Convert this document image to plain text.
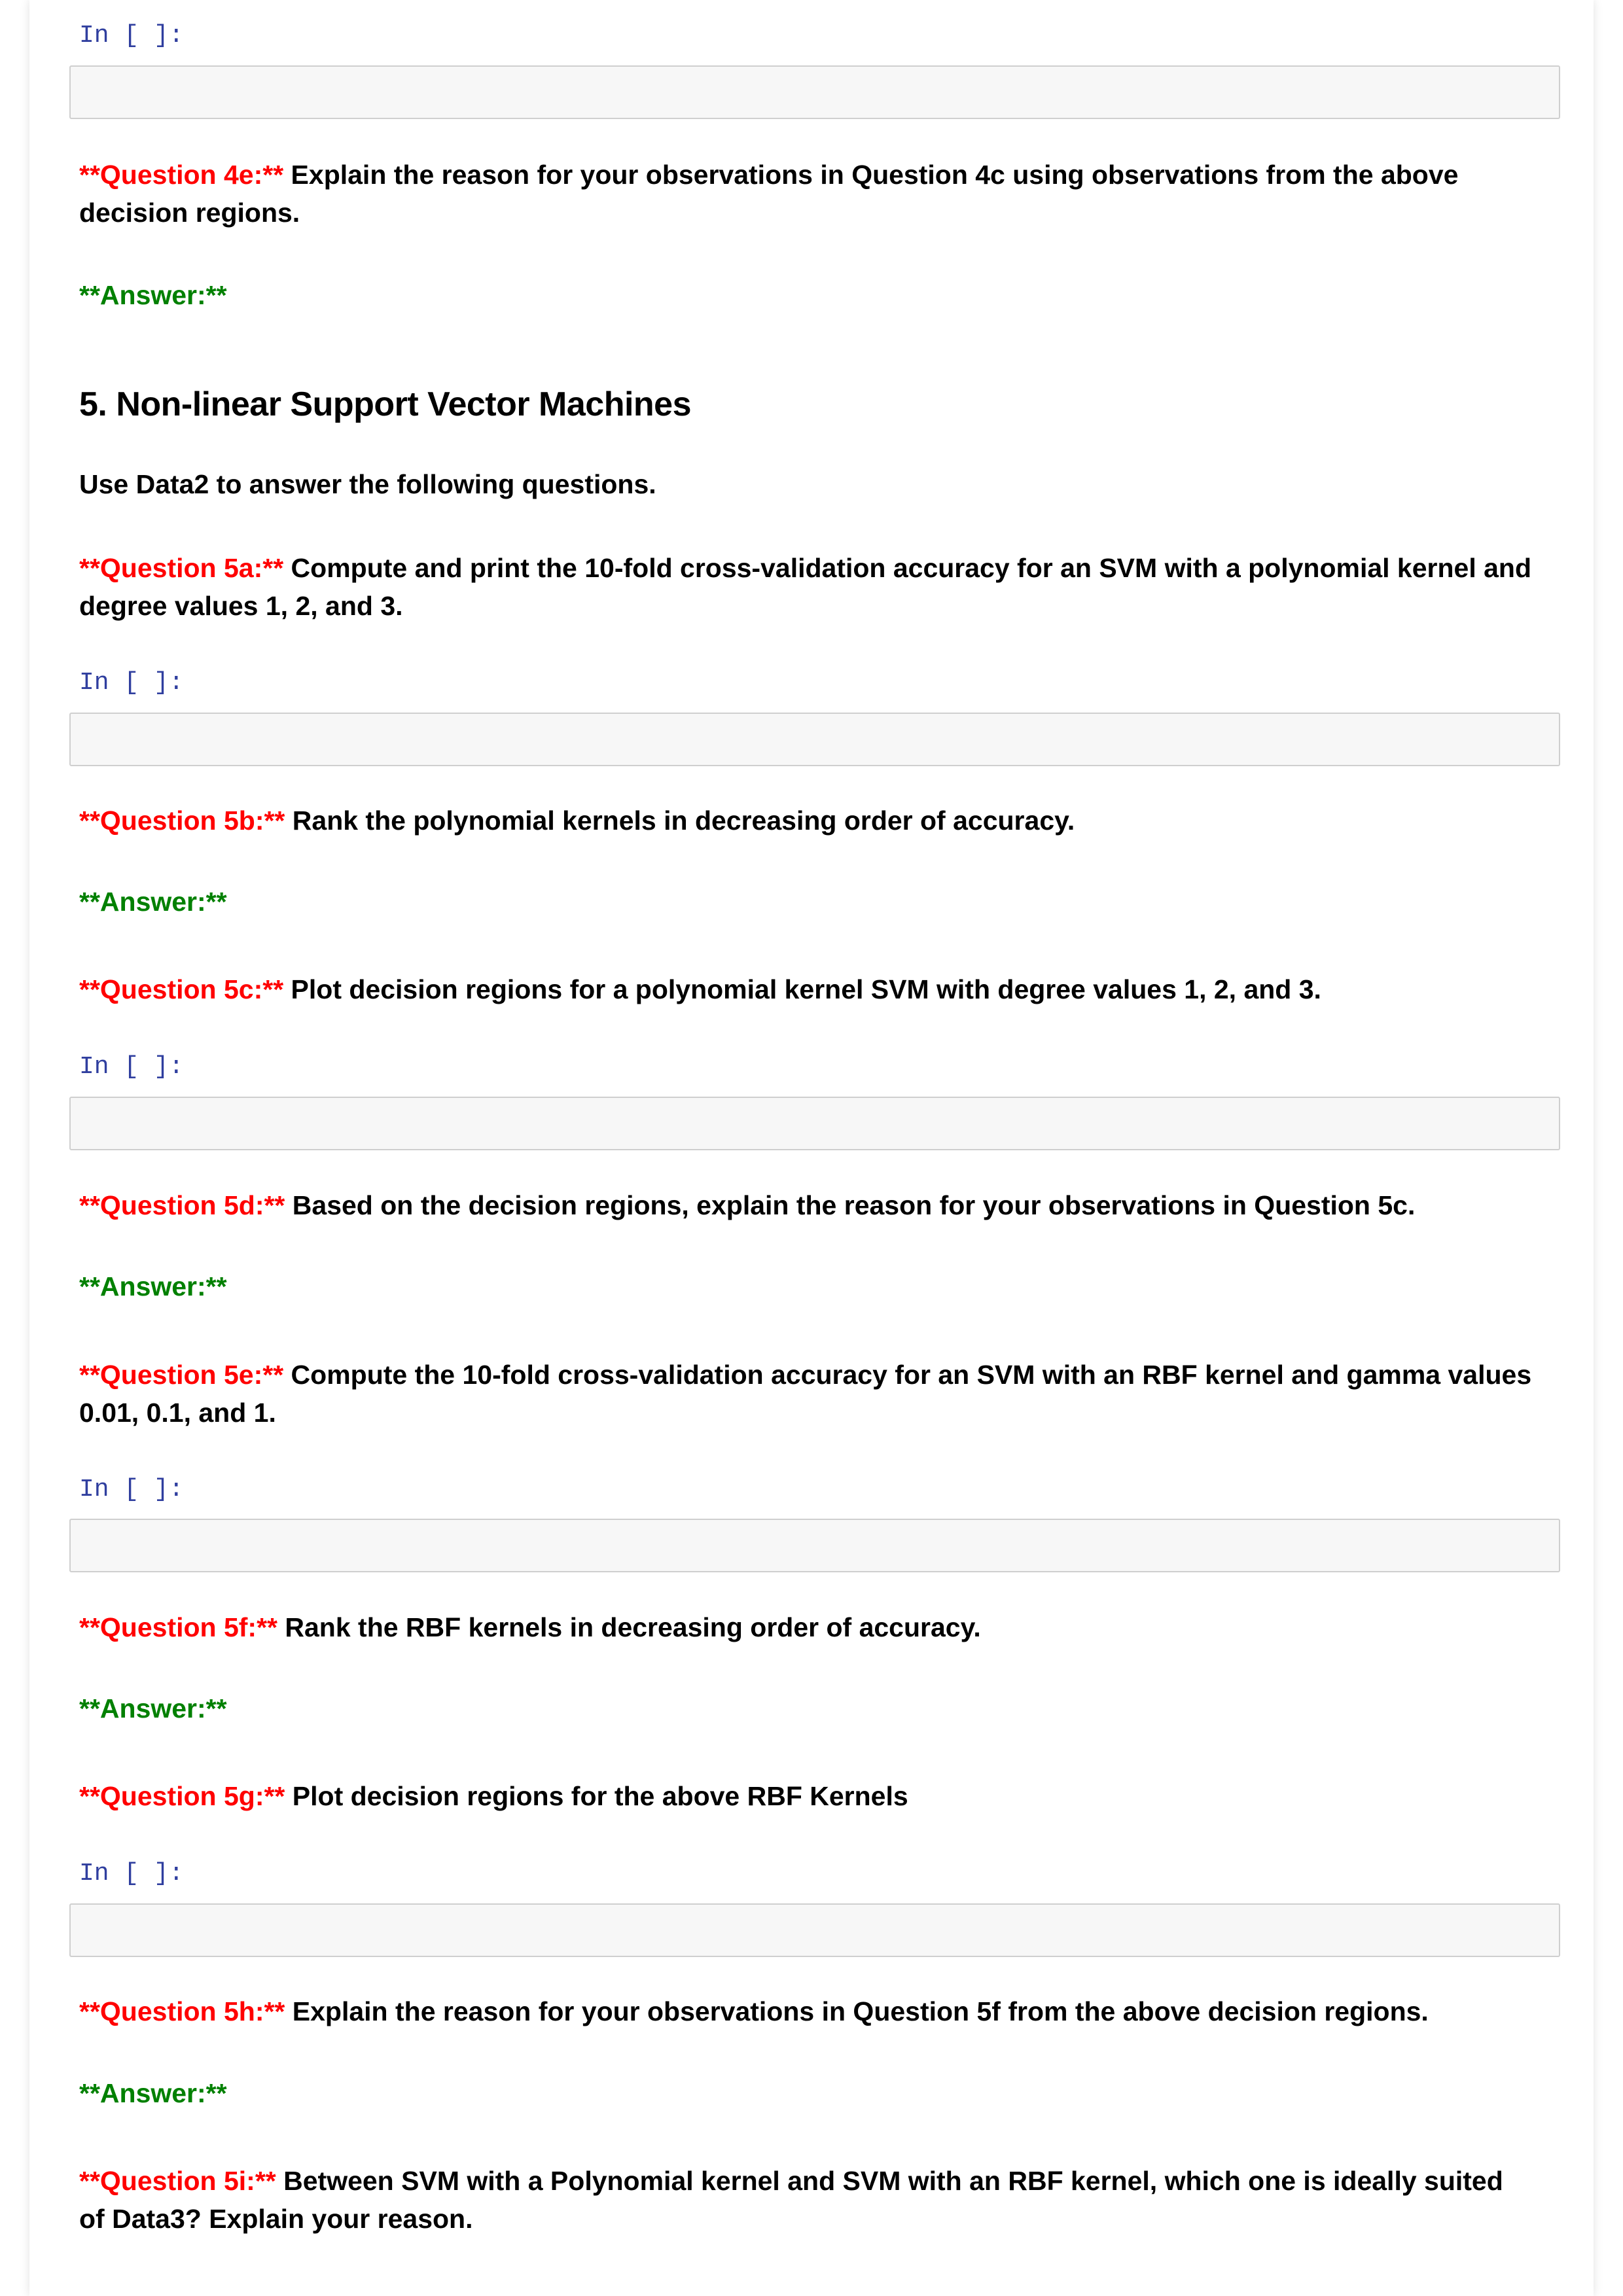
In [ ]:
**Question 4e:** Explain the reason for your observations in Question 4c using observations from the above decision regions.
**Answer:**
5. Non-linear Support Vector Machines
Use Data2 to answer the following questions.
**Question 5a:** Compute and print the 10-fold cross-validation accuracy for an SVM with a polynomial kernel and degree values 1, 2, and 3.
In [ ]:
**Question 5b:** Rank the polynomial kernels in decreasing order of accuracy.
**Answer:**
**Question 5c:** Plot decision regions for a polynomial kernel SVM with degree values 1, 2, and 3.
In [ ]:
**Question 5d:** Based on the decision regions, explain the reason for your observations in Question 5c.
**Answer:**
**Question 5e:** Compute the 10-fold cross-validation accuracy for an SVM with an RBF kernel and gamma values 0.01, 0.1, and 1.
In [ ]:
**Question 5f:** Rank the RBF kernels in decreasing order of accuracy.
**Answer:**
**Question 5g:** Plot decision regions for the above RBF Kernels
In [ ]:
**Question 5h:** Explain the reason for your observations in Question 5f from the above decision regions.
**Answer:**
**Question 5i:** Between SVM with a Polynomial kernel and SVM with an RBF kernel, which one is ideally suited of Data3? Explain your reason.
